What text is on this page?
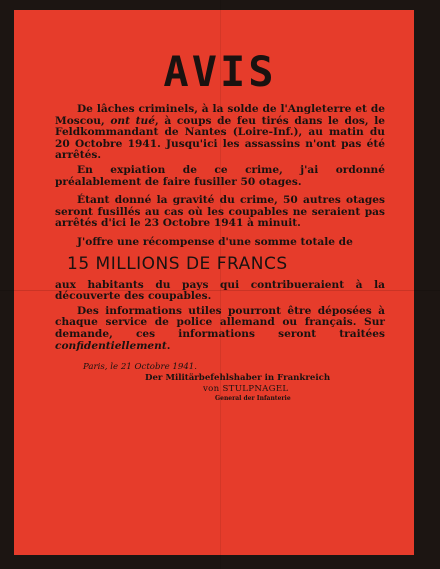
AVIS

De lâches criminels, à la solde de l'Angleterre et de Moscou, ont tué, à coups de feu tirés dans le dos, le Feldkommandant de Nantes (Loire-Inf.), au matin du 20 Octobre 1941. Jusqu'ici les assassins n'ont pas été arrêtés.

En expiation de ce crime, j'ai ordonné préalablement de faire fusiller 50 otages.

Étant donné la gravité du crime, 50 autres otages seront fusillés au cas où les coupables ne seraient pas arrêtés d'ici le 23 Octobre 1941 à minuit.

J'offre une récompense d'une somme totale de

15 MILLIONS DE FRANCS

aux habitants du pays qui contribueraient à la découverte des coupables.

Des informations utiles pourront être déposées à chaque service de police allemand ou français. Sur demande, ces informations seront traitées confidentiellement.

Paris, le 21 Octobre 1941.
Der Militärbefehlshaber in Frankreich
von STULPNAGEL
General der Infanterie
